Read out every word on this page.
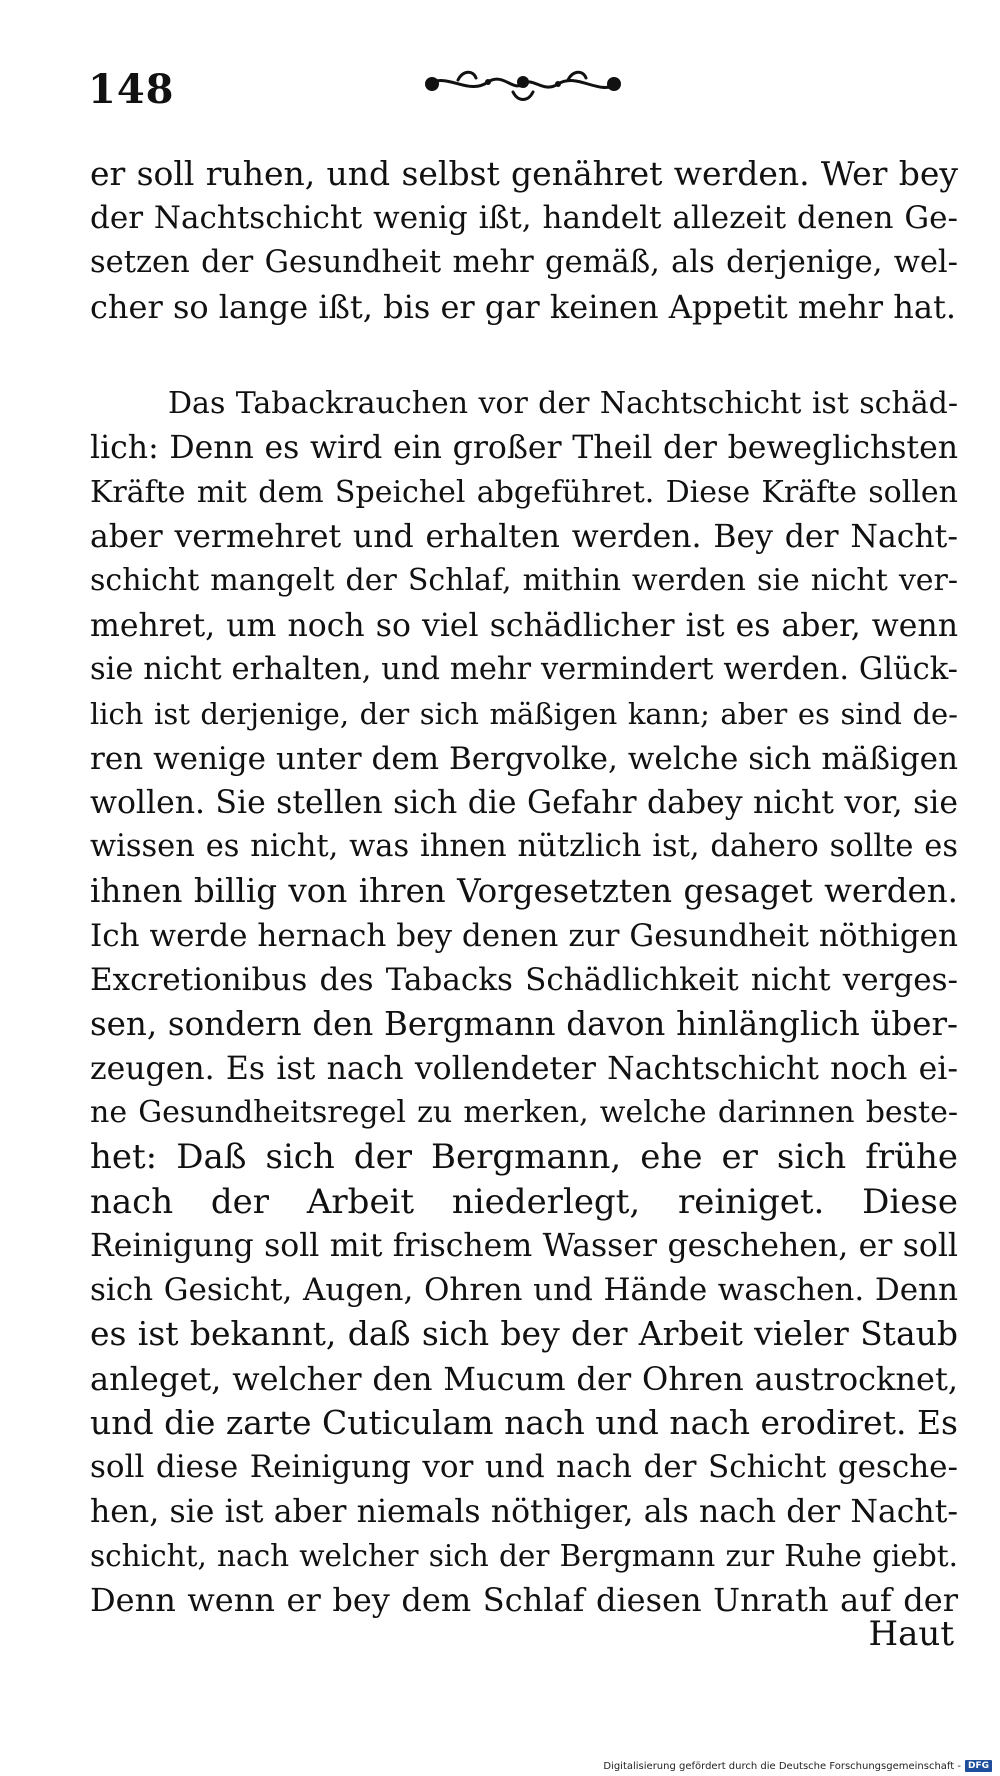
148
er soll ruhen, und selbst genähret werden. Wer bey
der Nachtschicht wenig ißt, handelt allezeit denen Ge-
setzen der Gesundheit mehr gemäß, als derjenige, wel-
cher so lange ißt, bis er gar keinen Appetit mehr hat.
Das Tabackrauchen vor der Nachtschicht ist schäd-
lich: Denn es wird ein großer Theil der beweglichsten
Kräfte mit dem Speichel abgeführet. Diese Kräfte sollen
aber vermehret und erhalten werden. Bey der Nacht-
schicht mangelt der Schlaf, mithin werden sie nicht ver-
mehret, um noch so viel schädlicher ist es aber, wenn
sie nicht erhalten, und mehr vermindert werden. Glück-
lich ist derjenige, der sich mäßigen kann; aber es sind de-
ren wenige unter dem Bergvolke, welche sich mäßigen
wollen. Sie stellen sich die Gefahr dabey nicht vor, sie
wissen es nicht, was ihnen nützlich ist, dahero sollte es
ihnen billig von ihren Vorgesetzten gesaget werden.
Ich werde hernach bey denen zur Gesundheit nöthigen
Excretionibus des Tabacks Schädlichkeit nicht verges-
sen, sondern den Bergmann davon hinlänglich über-
zeugen. Es ist nach vollendeter Nachtschicht noch ei-
ne Gesundheitsregel zu merken, welche darinnen beste-
het: Daß sich der Bergmann, ehe er sich frühe
nach der Arbeit niederlegt, reiniget. Diese
Reinigung soll mit frischem Wasser geschehen, er soll
sich Gesicht, Augen, Ohren und Hände waschen. Denn
es ist bekannt, daß sich bey der Arbeit vieler Staub
anleget, welcher den Mucum der Ohren austrocknet,
und die zarte Cuticulam nach und nach erodiret. Es
soll diese Reinigung vor und nach der Schicht gesche-
hen, sie ist aber niemals nöthiger, als nach der Nacht-
schicht, nach welcher sich der Bergmann zur Ruhe giebt.
Denn wenn er bey dem Schlaf diesen Unrath auf der
Haut
Digitalisierung gefördert durch die Deutsche Forschungsgemeinschaft - DFG
